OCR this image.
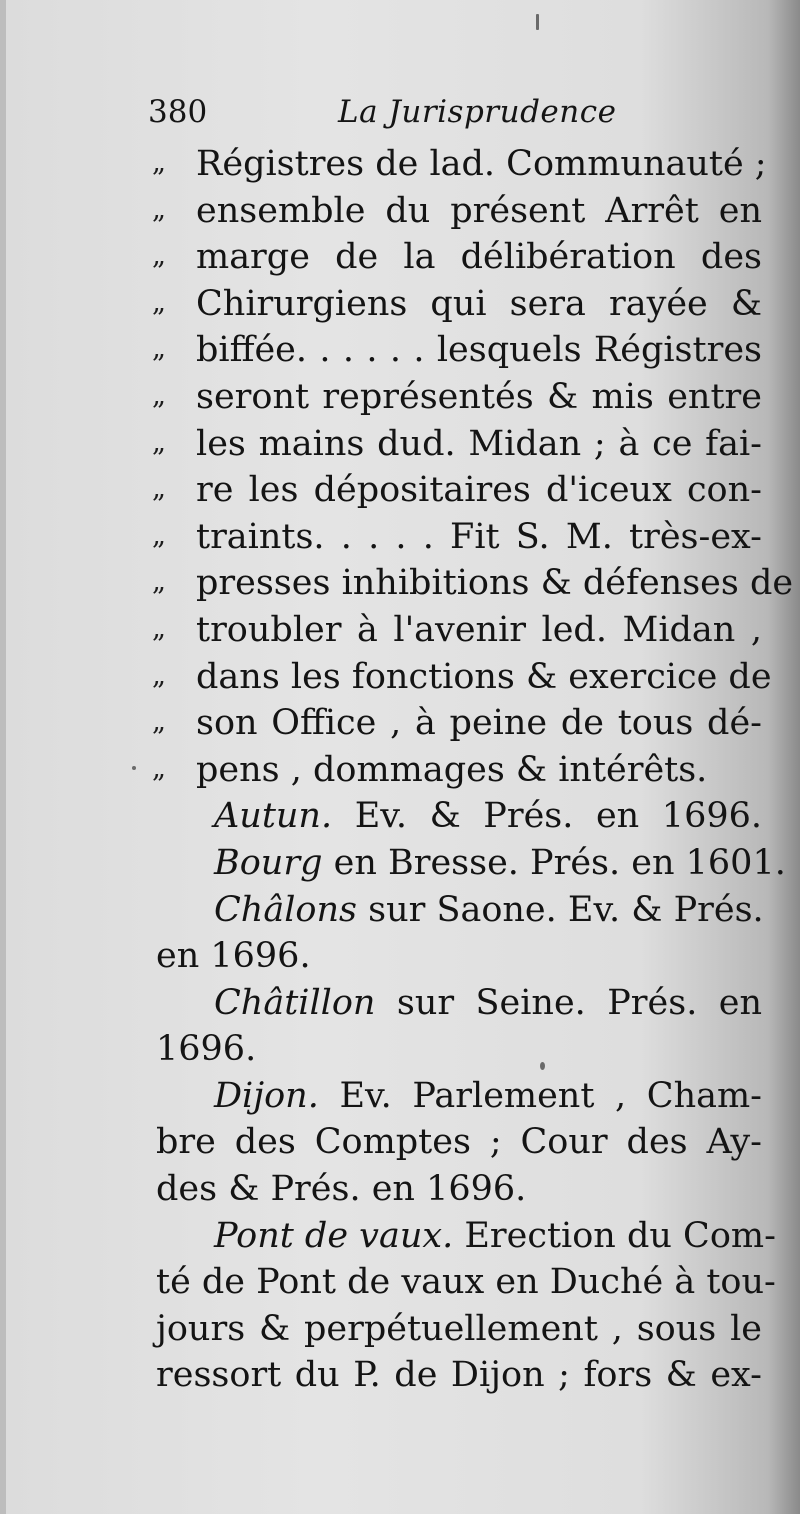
380	La Jurisprudence
„ Régistres de lad. Communauté ;
„ ensemble du présent Arrêt en
„ marge de la délibération des
„ Chirurgiens qui sera rayée &
„ biffée. . . . . . lesquels Régistres
„ seront représentés & mis entre
„ les mains dud. Midan ; à ce fai-
„ re les dépositaires d'iceux con-
„ traints. . . . . Fit S. M. très-ex-
„ presses inhibitions & défenses de
„ troubler à l'avenir led. Midan ,
„ dans les fonctions & exercice de
„ son Office , à peine de tous dé-
„ pens , dommages & intérêts.
Autun. Ev. & Prés. en 1696.
Bourg en Bresse. Prés. en 1601.
Châlons sur Saone. Ev. & Prés.
en 1696.
Châtillon sur Seine. Prés. en
1696.
Dijon. Ev. Parlement , Cham-
bre des Comptes ; Cour des Ay-
des & Prés. en 1696.
Pont de vaux. Erection du Com-
té de Pont de vaux en Duché à tou-
jours & perpétuellement , sous le
ressort du P. de Dijon ; fors & ex-
